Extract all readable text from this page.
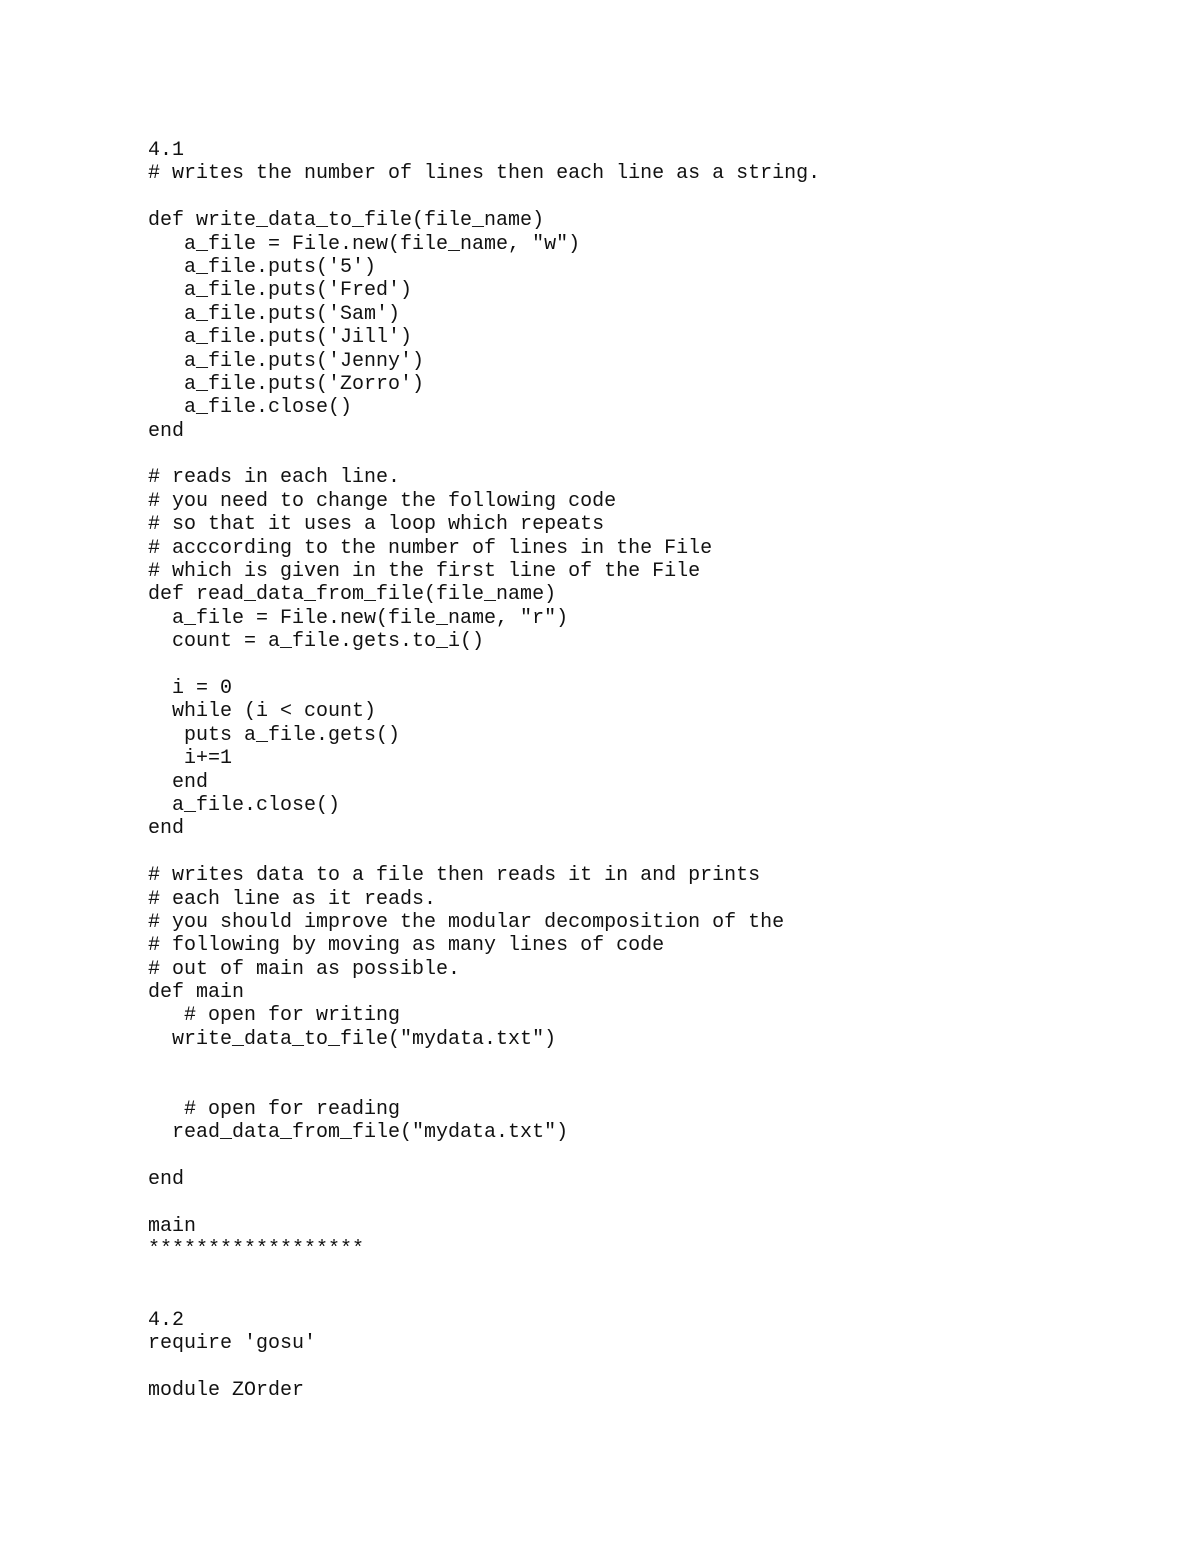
4.1
# writes the number of lines then each line as a string.
def write_data_to_file(file_name)
a_file = File.new(file_name, "w")
a_file.puts('5')
a_file.puts('Fred')
a_file.puts('Sam')
a_file.puts('Jill')
a_file.puts('Jenny')
a_file.puts('Zorro')
a_file.close()
end
# reads in each line.
# you need to change the following code
# so that it uses a loop which repeats
# acccording to the number of lines in the File
# which is given in the first line of the File
def read_data_from_file(file_name)
a_file = File.new(file_name, "r")
count = a_file.gets.to_i()
i = 0
while (i < count)
puts a_file.gets()
i+=1
end
a_file.close()
end
# writes data to a file then reads it in and prints
# each line as it reads.
# you should improve the modular decomposition of the
# following by moving as many lines of code
# out of main as possible.
def main
# open for writing
write_data_to_file("mydata.txt")
# open for reading
read_data_from_file("mydata.txt")
end
main
******************
4.2
require 'gosu'
module ZOrder
